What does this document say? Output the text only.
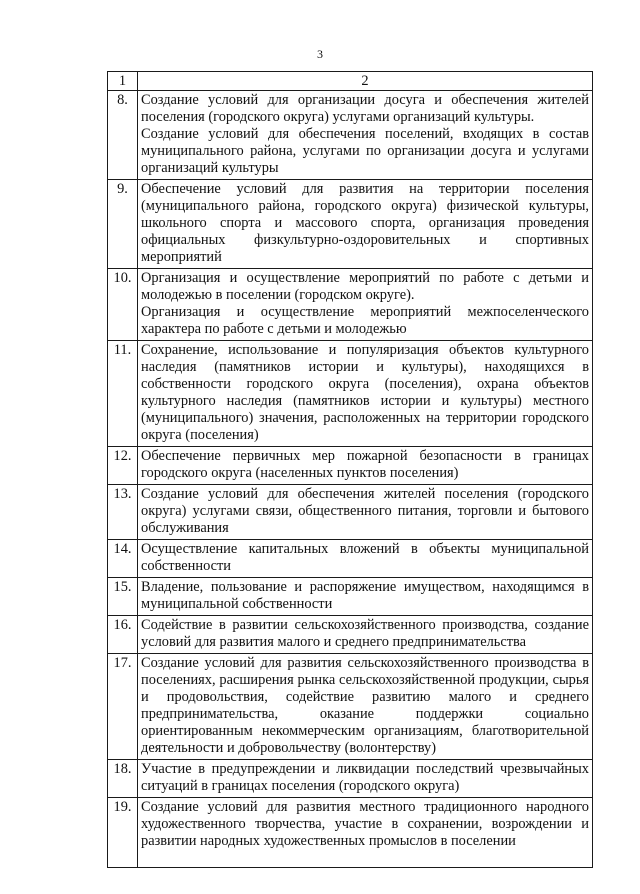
3
1	2
8.	Создание условий для организации досуга и обеспечения жителей поселения (городского округа) услугами организаций культуры.
Создание условий для обеспечения поселений, входящих в состав муниципального района, услугами по организации досуга и услугами организаций культуры

9.	Обеспечение условий для развития на территории поселения (муниципального района, городского округа) физической культуры, школьного спорта и массового спорта, организация проведения официальных физкультурно-оздоровительных и спортивных мероприятий

10.	Организация и осуществление мероприятий по работе с детьми и молодежью в поселении (городском округе).
Организация и осуществление мероприятий межпоселенческого характера по работе с детьми и молодежью

11.	Сохранение, использование и популяризация объектов культурного наследия (памятников истории и культуры), находящихся в собственности городского округа (поселения), охрана объектов культурного наследия (памятников истории и культуры) местного (муниципального) значения, расположенных на территории городского округа (поселения)

12.	Обеспечение первичных мер пожарной безопасности в границах городского округа (населенных пунктов поселения)

13.	Создание условий для обеспечения жителей поселения (городского округа) услугами связи, общественного питания, торговли и бытового обслуживания

14.	Осуществление капитальных вложений в объекты муниципальной собственности

15.	Владение, пользование и распоряжение имуществом, находящимся в муниципальной собственности

16.	Содействие в развитии сельскохозяйственного производства, создание условий для развития малого и среднего предпринимательства

17.	Создание условий для развития сельскохозяйственного производства в поселениях, расширения рынка сельскохозяйственной продукции, сырья и продовольствия, содействие развитию малого и среднего предпринимательства, оказание поддержки социально ориентированным некоммерческим организациям, благотворительной деятельности и добровольчеству (волонтерству)

18.	Участие в предупреждении и ликвидации последствий чрезвычайных ситуаций в границах поселения (городского округа)

19.	Создание условий для развития местного традиционного народного художественного творчества, участие в сохранении, возрождении и развитии народных художественных промыслов в поселении
